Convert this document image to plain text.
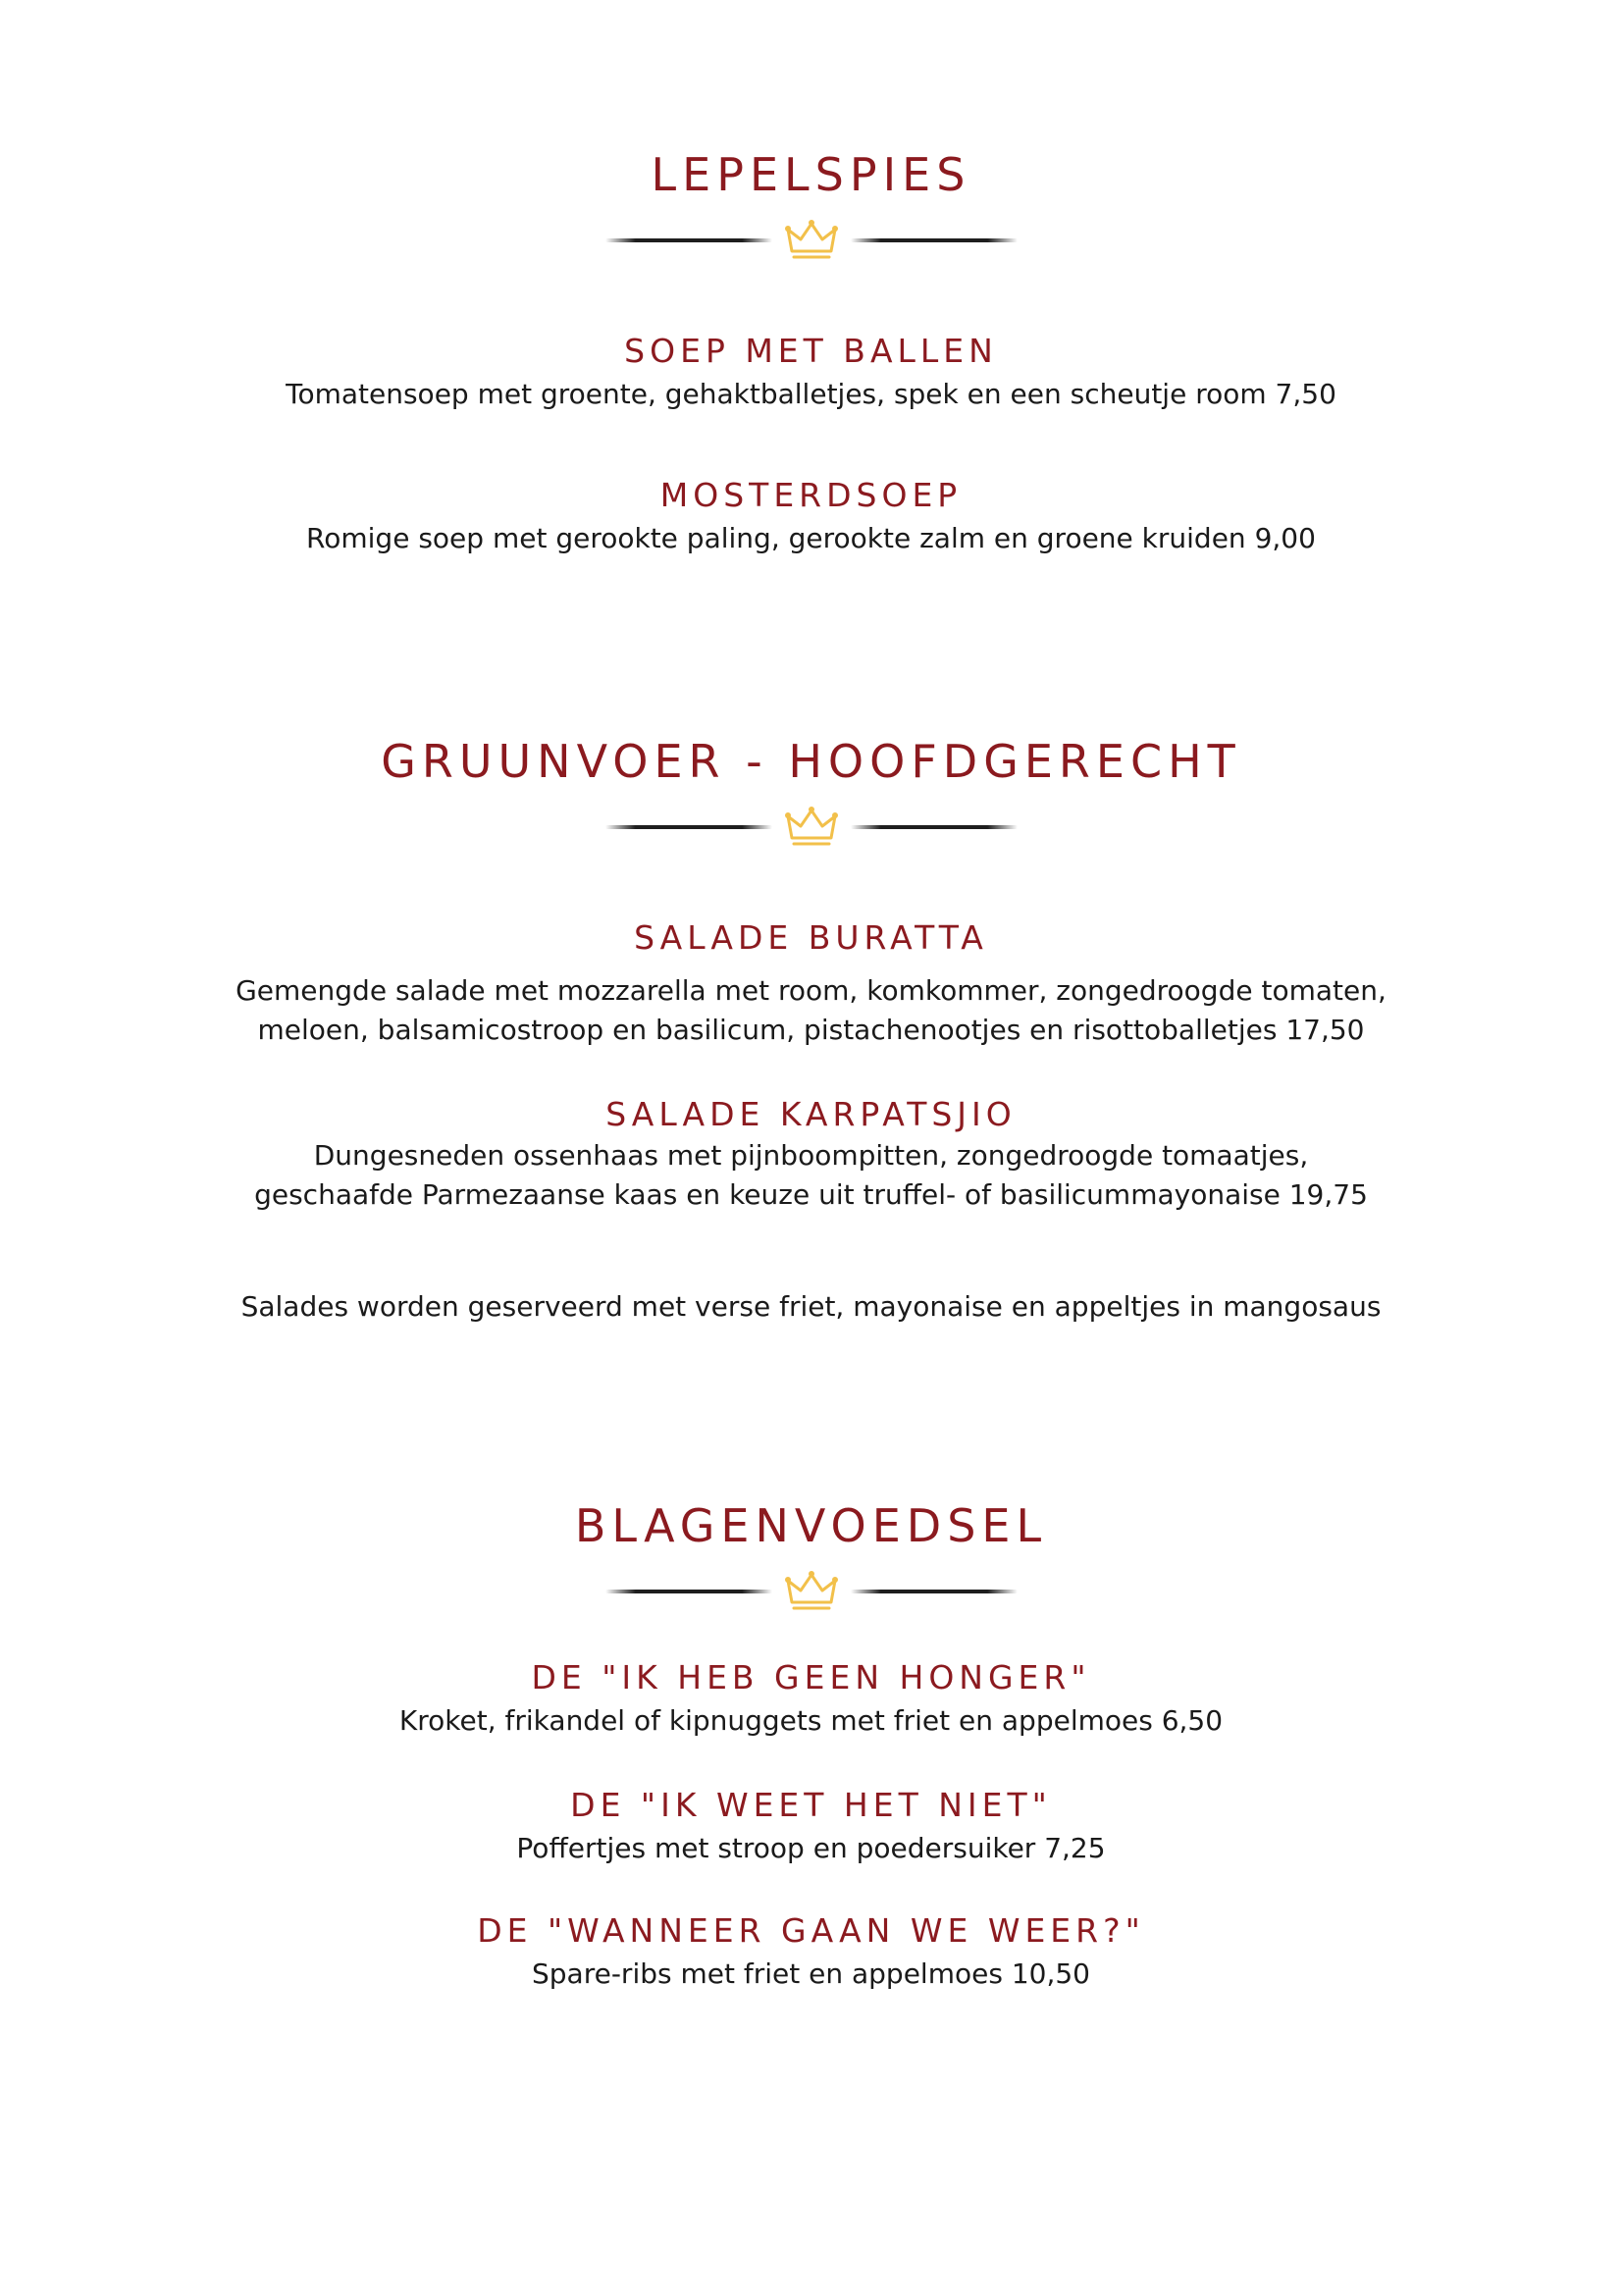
LEPELSPIES

SOEP MET BALLEN

Tomatensoep met groente, gehaktballetjes, spek en een scheutje room 7,50

MOSTERDSOEP

Romige soep met gerookte paling, gerookte zalm en groene kruiden 9,00

GRUUNVOER - HOOFDGERECHT

SALADE BURATTA

Gemengde salade met mozzarella met room, komkommer, zongedroogde tomaten,

meloen, balsamicostroop en basilicum, pistachenootjes en risottoballetjes 17,50

SALADE KARPATSJIO

Dungesneden ossenhaas met pijnboompitten, zongedroogde tomaatjes,

geschaafde Parmezaanse kaas en keuze uit truffel- of basilicummayonaise 19,75

Salades worden geserveerd met verse friet, mayonaise en appeltjes in mangosaus
BLAGENVOEDSEL

DE "IK HEB GEEN HONGER"

Kroket, frikandel of kipnuggets met friet en appelmoes 6,50

DE "IK WEET HET NIET"

Poffertjes met stroop en poedersuiker 7,25

DE "WANNEER GAAN WE WEER?"

Spare-ribs met friet en appelmoes 10,50
